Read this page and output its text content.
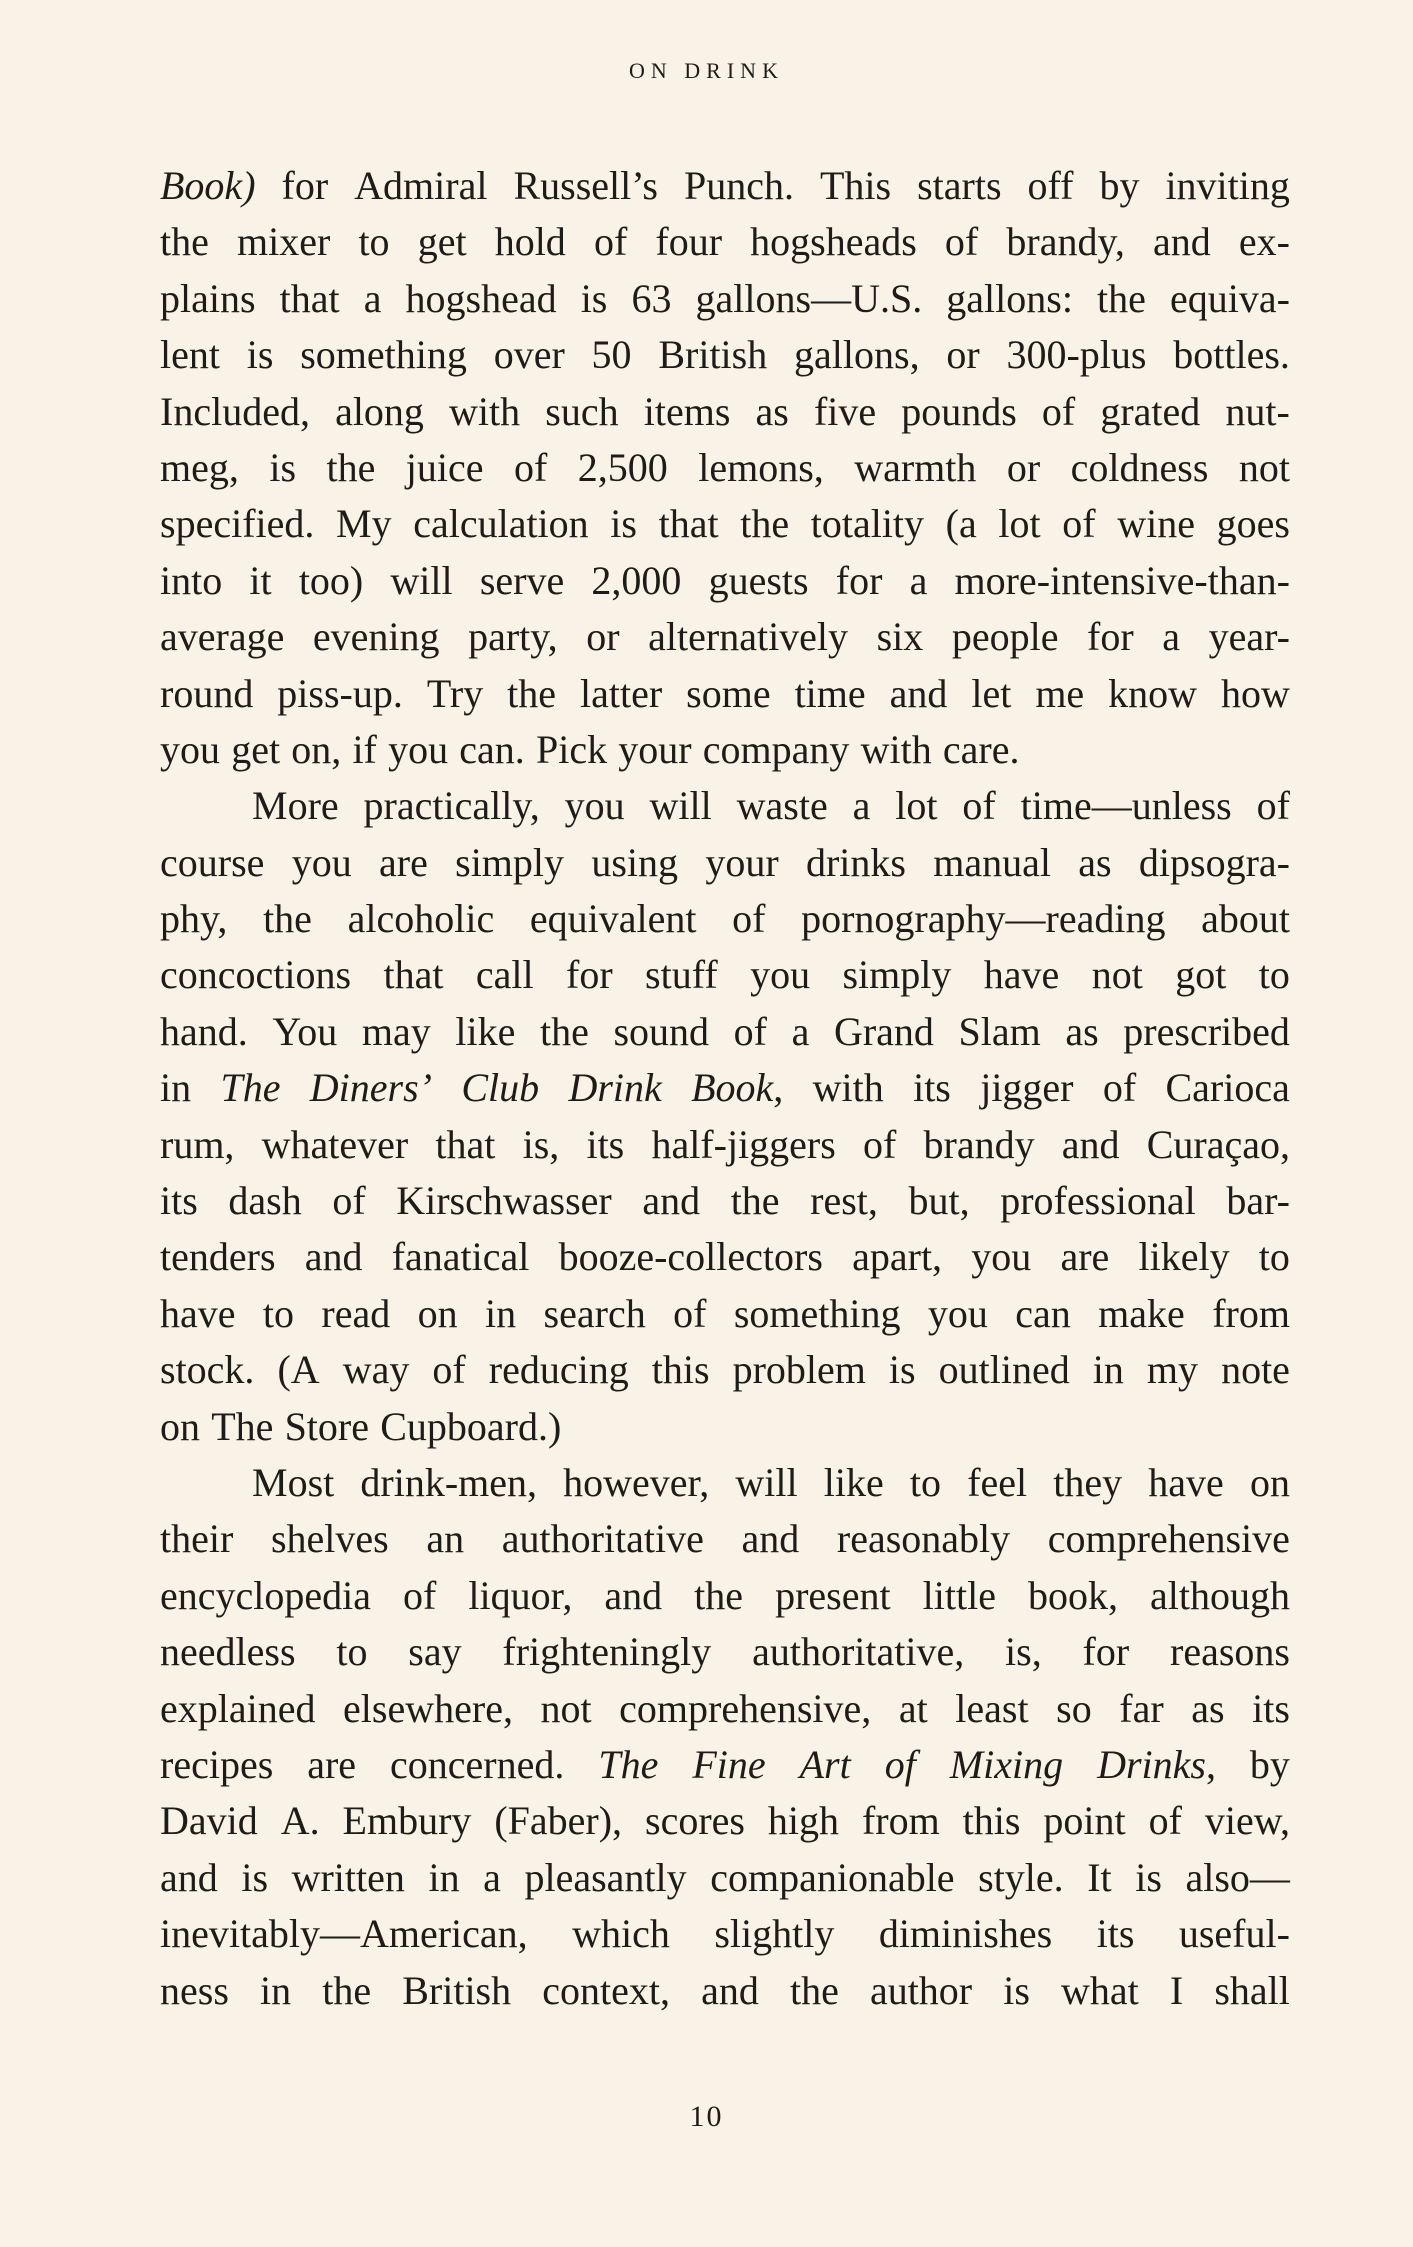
ON DRINK
Book) for Admiral Russell’s Punch. This starts off by inviting
the mixer to get hold of four hogsheads of brandy, and ex-
plains that a hogshead is 63 gallons—U.S. gallons: the equiva-
lent is something over 50 British gallons, or 300-plus bottles.
Included, along with such items as five pounds of grated nut-
meg, is the juice of 2,500 lemons, warmth or coldness not
specified. My calculation is that the totality (a lot of wine goes
into it too) will serve 2,000 guests for a more-intensive-than-
average evening party, or alternatively six people for a year-
round piss-up. Try the latter some time and let me know how
you get on, if you can. Pick your company with care.
More practically, you will waste a lot of time—unless of
course you are simply using your drinks manual as dipsogra-
phy, the alcoholic equivalent of pornography—reading about
concoctions that call for stuff you simply have not got to
hand. You may like the sound of a Grand Slam as prescribed
in The Diners’ Club Drink Book, with its jigger of Carioca
rum, whatever that is, its half-jiggers of brandy and Curaçao,
its dash of Kirschwasser and the rest, but, professional bar-
tenders and fanatical booze-collectors apart, you are likely to
have to read on in search of something you can make from
stock. (A way of reducing this problem is outlined in my note
on The Store Cupboard.)
Most drink-men, however, will like to feel they have on
their shelves an authoritative and reasonably comprehensive
encyclopedia of liquor, and the present little book, although
needless to say frighteningly authoritative, is, for reasons
explained elsewhere, not comprehensive, at least so far as its
recipes are concerned. The Fine Art of Mixing Drinks, by
David A. Embury (Faber), scores high from this point of view,
and is written in a pleasantly companionable style. It is also—
inevitably—American, which slightly diminishes its useful-
ness in the British context, and the author is what I shall
10
